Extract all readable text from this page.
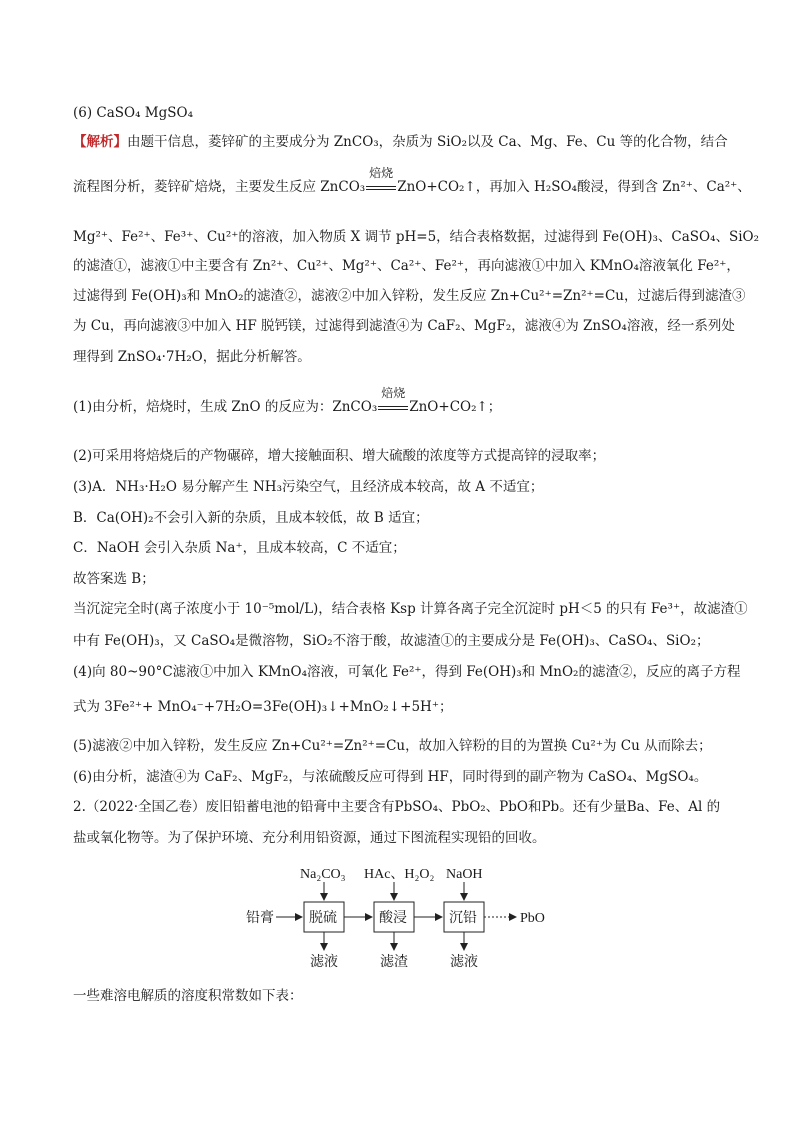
(6) CaSO₄ MgSO₄
【解析】由题干信息，菱锌矿的主要成分为 ZnCO₃，杂质为 SiO₂以及 Ca、Mg、Fe、Cu 等的化合物，结合
流程图分析，菱锌矿焙烧，主要发生反应 ZnCO₃
焙烧
ZnO+CO₂↑，再加入 H₂SO₄酸浸，得到含 Zn²⁺、Ca²⁺、
Mg²⁺、Fe²⁺、Fe³⁺、Cu²⁺的溶液，加入物质 X 调节 pH=5，结合表格数据，过滤得到 Fe(OH)₃、CaSO₄、SiO₂
的滤渣①，滤液①中主要含有 Zn²⁺、Cu²⁺、Mg²⁺、Ca²⁺、Fe²⁺，再向滤液①中加入 KMnO₄溶液氧化 Fe²⁺，
过滤得到 Fe(OH)₃和 MnO₂的滤渣②，滤液②中加入锌粉，发生反应 Zn+Cu²⁺=Zn²⁺=Cu，过滤后得到滤渣③
为 Cu，再向滤液③中加入 HF 脱钙镁，过滤得到滤渣④为 CaF₂、MgF₂，滤液④为 ZnSO₄溶液，经一系列处
理得到 ZnSO₄·7H₂O，据此分析解答。
(1)由分析，焙烧时，生成 ZnO 的反应为：ZnCO₃
焙烧
ZnO+CO₂↑；
(2)可采用将焙烧后的产物碾碎，增大接触面积、增大硫酸的浓度等方式提高锌的浸取率；
(3)A．NH₃·H₂O 易分解产生 NH₃污染空气，且经济成本较高，故 A 不适宜；
B．Ca(OH)₂不会引入新的杂质，且成本较低，故 B 适宜；
C．NaOH 会引入杂质 Na⁺，且成本较高，C 不适宜；
故答案选 B；
当沉淀完全时(离子浓度小于 10⁻⁵mol/L)，结合表格 Ksp 计算各离子完全沉淀时 pH＜5 的只有 Fe³⁺，故滤渣①
中有 Fe(OH)₃，又 CaSO₄是微溶物，SiO₂不溶于酸，故滤渣①的主要成分是 Fe(OH)₃、CaSO₄、SiO₂；
(4)向 80~90°C滤液①中加入 KMnO₄溶液，可氧化 Fe²⁺，得到 Fe(OH)₃和 MnO₂的滤渣②，反应的离子方程
式为 3Fe²⁺+ MnO₄⁻+7H₂O=3Fe(OH)₃↓+MnO₂↓+5H⁺；
(5)滤液②中加入锌粉，发生反应 Zn+Cu²⁺=Zn²⁺=Cu，故加入锌粉的目的为置换 Cu²⁺为 Cu 从而除去；
(6)由分析，滤渣④为 CaF₂、MgF₂，与浓硫酸反应可得到 HF，同时得到的副产物为 CaSO₄、MgSO₄。
2.（2022·全国乙卷）废旧铅蓄电池的铅膏中主要含有PbSO₄、PbO₂、PbO和Pb。还有少量Ba、Fe、Al 的
盐或氧化物等。为了保护环境、充分利用铅资源，通过下图流程实现铅的回收。
铅膏	脱硫	酸浸	沉铅	PbO
Na₂CO₃ HAc、H₂O₂ NaOH
滤液	滤渣	滤液
一些难溶电解质的溶度积常数如下表：
